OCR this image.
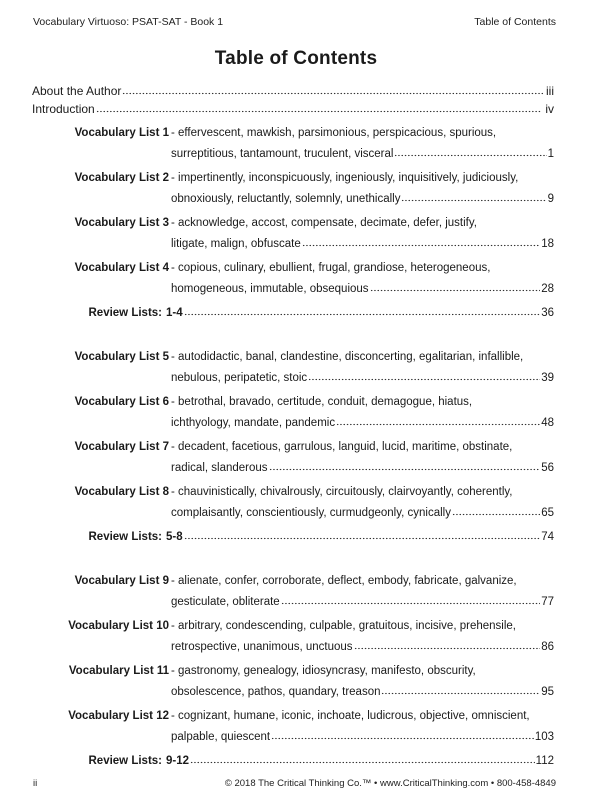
Vocabulary Virtuoso: PSAT-SAT - Book 1	Table of Contents
Table of Contents
About the Author	iii
Introduction	iv
Vocabulary List 1 - effervescent, mawkish, parsimonious, perspicacious, spurious,
surreptitious, tantamount, truculent, visceral	1
Vocabulary List 2 - impertinently, inconspicuously, ingeniously, inquisitively, judiciously,
obnoxiously, reluctantly, solemnly, unethically	9
Vocabulary List 3 - acknowledge, accost, compensate, decimate, defer, justify,
litigate, malign, obfuscate	18
Vocabulary List 4 - copious, culinary, ebullient, frugal, grandiose, heterogeneous,
homogeneous, immutable, obsequious	28
Review Lists: 1-4	36
Vocabulary List 5 - autodidactic, banal, clandestine, disconcerting, egalitarian, infallible,
nebulous, peripatetic, stoic	39
Vocabulary List 6 - betrothal, bravado, certitude, conduit, demagogue, hiatus,
ichthyology, mandate, pandemic	48
Vocabulary List 7 - decadent, facetious, garrulous, languid, lucid, maritime, obstinate,
radical, slanderous	56
Vocabulary List 8 - chauvinistically, chivalrously, circuitously, clairvoyantly, coherently,
complaisantly, conscientiously, curmudgeonly, cynically	65
Review Lists: 5-8	74
Vocabulary List 9 - alienate, confer, corroborate, deflect, embody, fabricate, galvanize,
gesticulate, obliterate	77
Vocabulary List 10 - arbitrary, condescending, culpable, gratuitous, incisive, prehensile,
retrospective, unanimous, unctuous	86
Vocabulary List 11 - gastronomy, genealogy, idiosyncrasy, manifesto, obscurity,
obsolescence, pathos, quandary, treason	95
Vocabulary List 12 - cognizant, humane, iconic, inchoate, ludicrous, objective, omniscient,
palpable, quiescent	103
Review Lists: 9-12	112
ii	© 2018 The Critical Thinking Co.™ • www.CriticalThinking.com • 800-458-4849
